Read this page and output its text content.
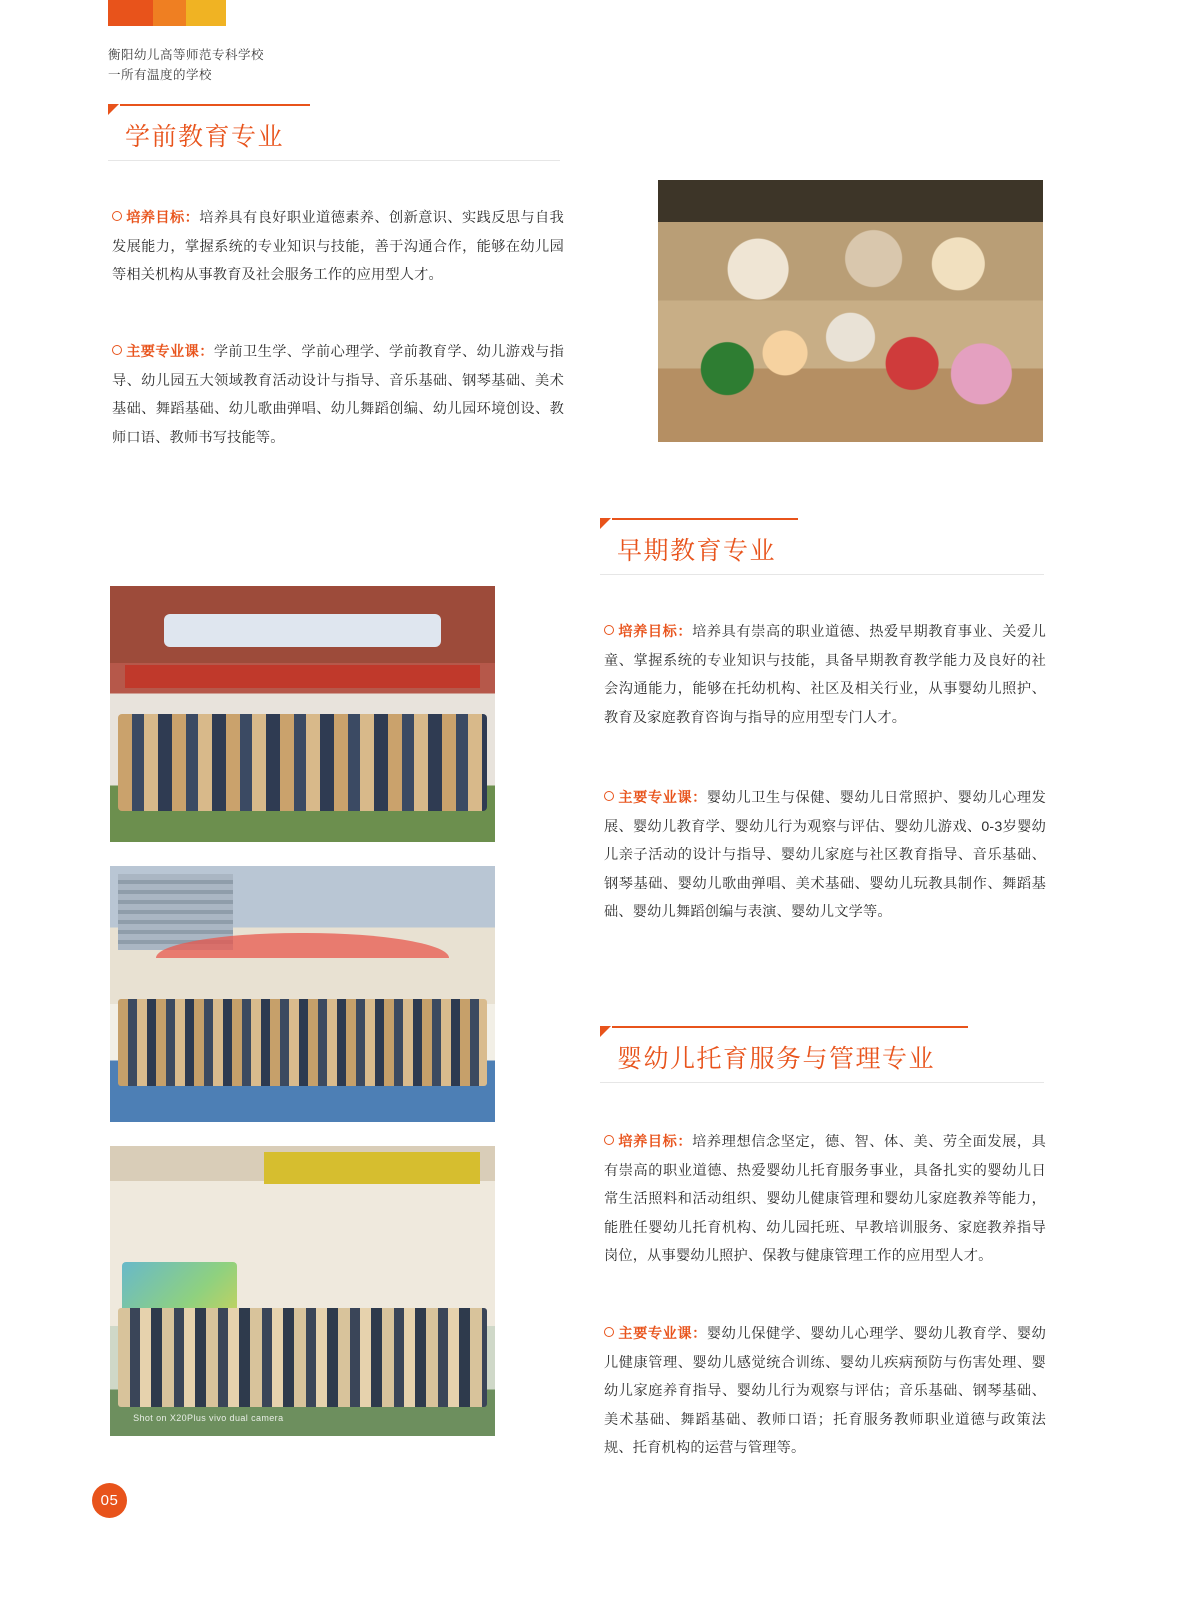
衡阳幼儿高等师范专科学校
一所有温度的学校
学前教育专业
培养目标：培养具有良好职业道德素养、创新意识、实践反思与自我发展能力，掌握系统的专业知识与技能，善于沟通合作，能够在幼儿园等相关机构从事教育及社会服务工作的应用型人才。
主要专业课：学前卫生学、学前心理学、学前教育学、幼儿游戏与指导、幼儿园五大领域教育活动设计与指导、音乐基础、钢琴基础、美术基础、舞蹈基础、幼儿歌曲弹唱、幼儿舞蹈创编、幼儿园环境创设、教师口语、教师书写技能等。
早期教育专业
培养目标：培养具有崇高的职业道德、热爱早期教育事业、关爱儿童、掌握系统的专业知识与技能，具备早期教育教学能力及良好的社会沟通能力，能够在托幼机构、社区及相关行业，从事婴幼儿照护、教育及家庭教育咨询与指导的应用型专门人才。
主要专业课：婴幼儿卫生与保健、婴幼儿日常照护、婴幼儿心理发展、婴幼儿教育学、婴幼儿行为观察与评估、婴幼儿游戏、0-3岁婴幼儿亲子活动的设计与指导、婴幼儿家庭与社区教育指导、音乐基础、钢琴基础、婴幼儿歌曲弹唱、美术基础、婴幼儿玩教具制作、舞蹈基础、婴幼儿舞蹈创编与表演、婴幼儿文学等。
婴幼儿托育服务与管理专业
培养目标：培养理想信念坚定，德、智、体、美、劳全面发展，具有崇高的职业道德、热爱婴幼儿托育服务事业，具备扎实的婴幼儿日常生活照料和活动组织、婴幼儿健康管理和婴幼儿家庭教养等能力，能胜任婴幼儿托育机构、幼儿园托班、早教培训服务、家庭教养指导岗位，从事婴幼儿照护、保教与健康管理工作的应用型人才。
主要专业课：婴幼儿保健学、婴幼儿心理学、婴幼儿教育学、婴幼儿健康管理、婴幼儿感觉统合训练、婴幼儿疾病预防与伤害处理、婴幼儿家庭养育指导、婴幼儿行为观察与评估；音乐基础、钢琴基础、美术基础、舞蹈基础、教师口语；托育服务教师职业道德与政策法规、托育机构的运营与管理等。
Shot on X20Plus vivo dual camera
05
